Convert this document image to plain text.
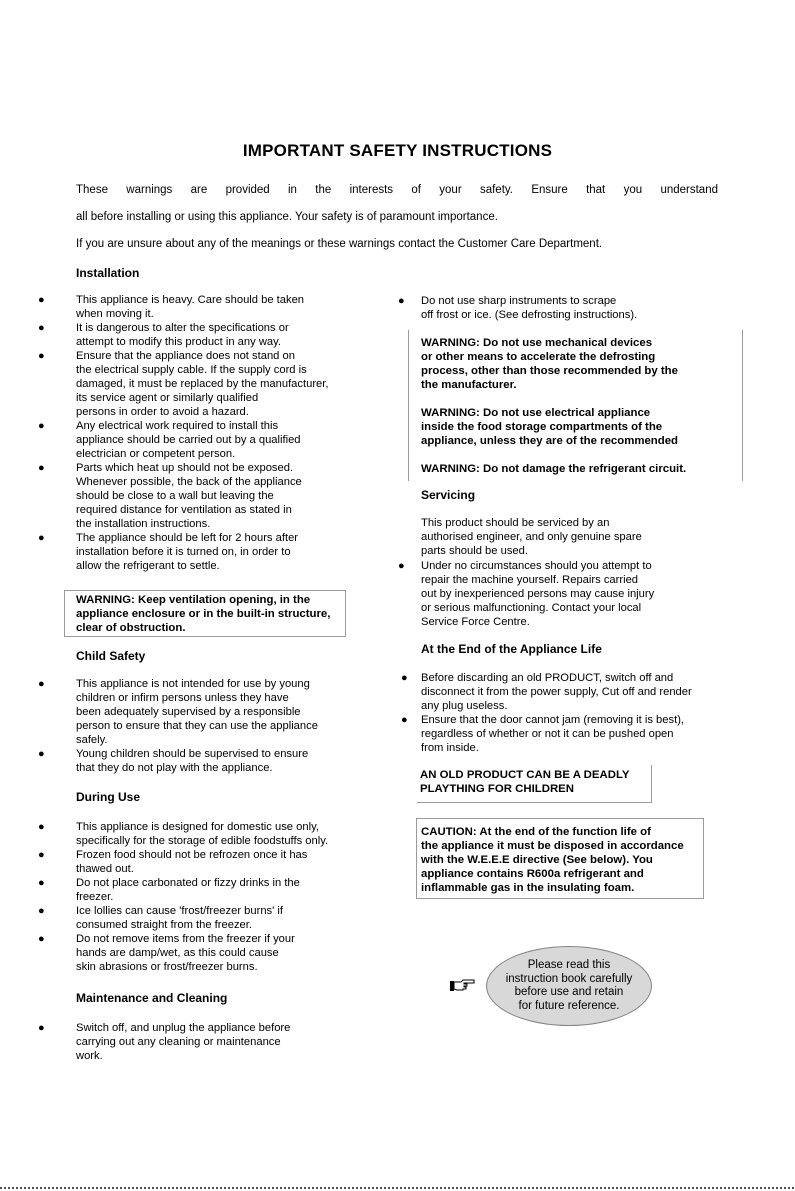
IMPORTANT SAFETY INSTRUCTIONS
These warnings are provided in the interests of your safety. Ensure that you understand
all before installing or using this appliance. Your safety is of paramount importance.
If you are unsure about any of the meanings or these warnings contact the Customer Care Department.
Installation
●	This appliance is heavy. Care should be taken
when moving it.
●	It is dangerous to alter the specifications or
attempt to modify this product in any way.
●	Ensure that the appliance does not stand on
the electrical supply cable. If the supply cord is
damaged, it must be replaced by the manufacturer,
its service agent or similarly qualified
persons in order to avoid a hazard.
●	Any electrical work required to install this
appliance should be carried out by a qualified
electrician or competent person.
●	Parts which heat up should not be exposed.
Whenever possible, the back of the appliance
should be close to a wall but leaving the
required distance for ventilation as stated in
the installation instructions.
●	The appliance should be left for 2 hours after
installation before it is turned on, in order to
allow the refrigerant to settle.
WARNING: Keep ventilation opening, in the
appliance enclosure or in the built-in structure,
clear of obstruction.
Child Safety
●	This appliance is not intended for use by young
children or infirm persons unless they have
been adequately supervised by a responsible
person to ensure that they can use the appliance
safely.
●	Young children should be supervised to ensure
that they do not play with the appliance.
During Use
●	This appliance is designed for domestic use only,
specifically for the storage of edible foodstuffs only.
●	Frozen food should not be refrozen once it has
thawed out.
●	Do not place carbonated or fizzy drinks in the
freezer.
●	Ice lollies can cause 'frost/freezer burns' if
consumed straight from the freezer.
●	Do not remove items from the freezer if your
hands are damp/wet, as this could cause
skin abrasions or frost/freezer burns.
Maintenance and Cleaning
●	Switch off, and unplug the appliance before
carrying out any cleaning or maintenance
work.
● Do not use sharp instruments to scrape
off frost or ice. (See defrosting instructions).
WARNING: Do not use mechanical devices
or other means to accelerate the defrosting
process, other than those recommended by the
the manufacturer.
WARNING: Do not use electrical appliance
inside the food storage compartments of the
appliance, unless they are of the recommended
WARNING: Do not damage the refrigerant circuit.
Servicing
This product should be serviced by an
authorised engineer, and only genuine spare
parts should be used.
● Under no circumstances should you attempt to
repair the machine yourself. Repairs carried
out by inexperienced persons may cause injury
or serious malfunctioning. Contact your local
Service Force Centre.
At the End of the Appliance Life
● Before discarding an old PRODUCT, switch off and
disconnect it from the power supply, Cut off and render
any plug useless.
● Ensure that the door cannot jam (removing it is best),
regardless of whether or not it can be pushed open
from inside.
AN OLD PRODUCT CAN BE A DEADLY
PLAYTHING FOR CHILDREN
CAUTION: At the end of the function life of
the appliance it must be disposed in accordance
with the W.E.E.E directive (See below). You
appliance contains R600a refrigerant and
inflammable gas in the insulating foam.
Please read this
instruction book carefully
before use and retain
for future reference.
